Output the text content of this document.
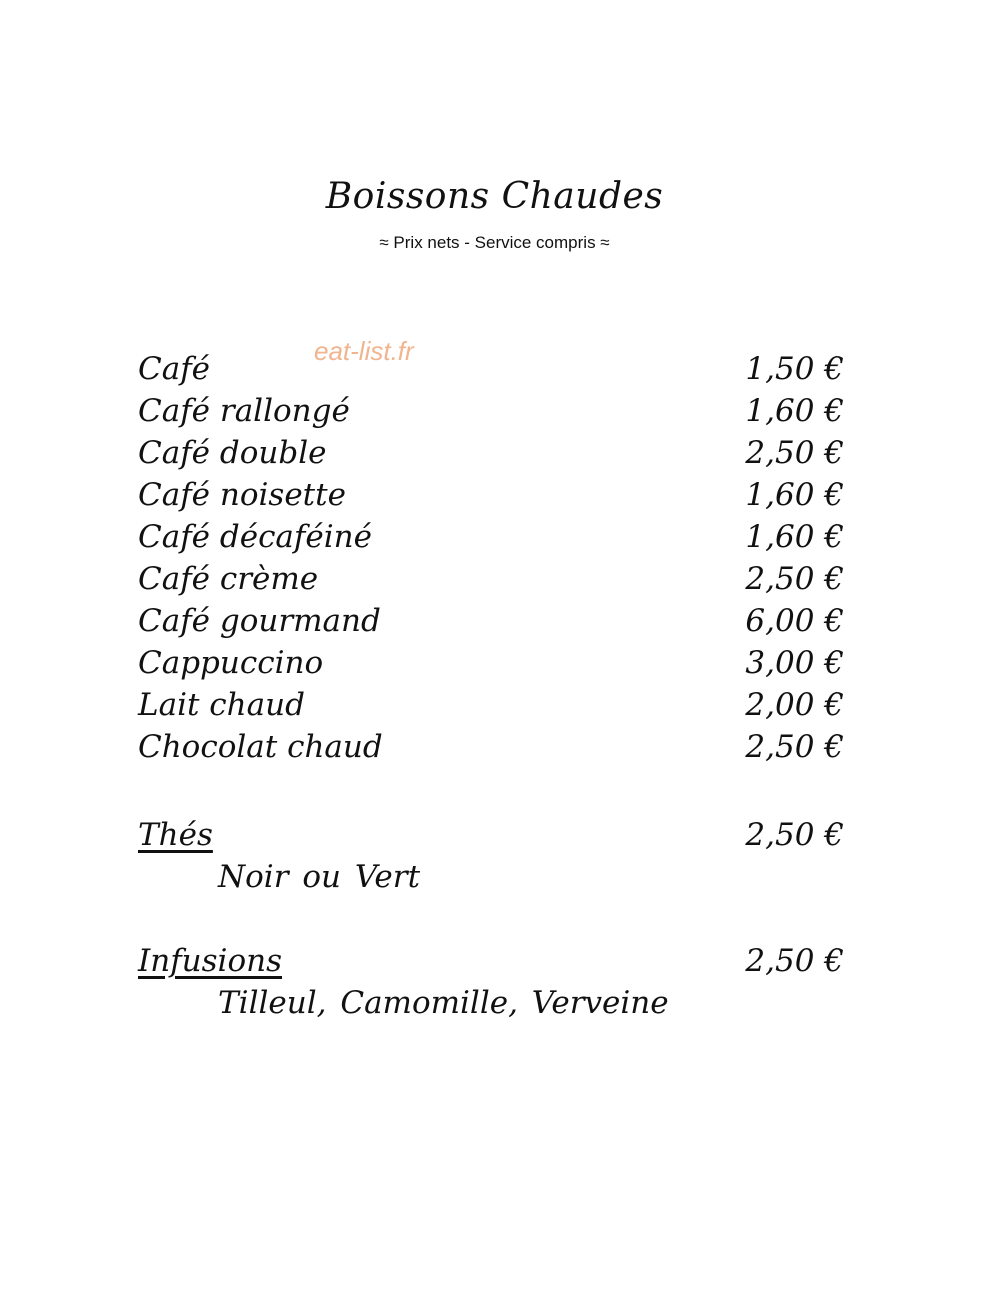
Boissons Chaudes
≈ Prix nets - Service compris ≈
eat-list.fr
Café	1,50 €
Café rallongé	1,60 €
Café double	2,50 €
Café noisette	1,60 €
Café décaféiné	1,60 €
Café crème	2,50 €
Café gourmand	6,00 €
Cappuccino	3,00 €
Lait chaud	2,00 €
Chocolat chaud	2,50 €
Thés	2,50 €
Noir ou Vert
Infusions	2,50 €
Tilleul, Camomille, Verveine
